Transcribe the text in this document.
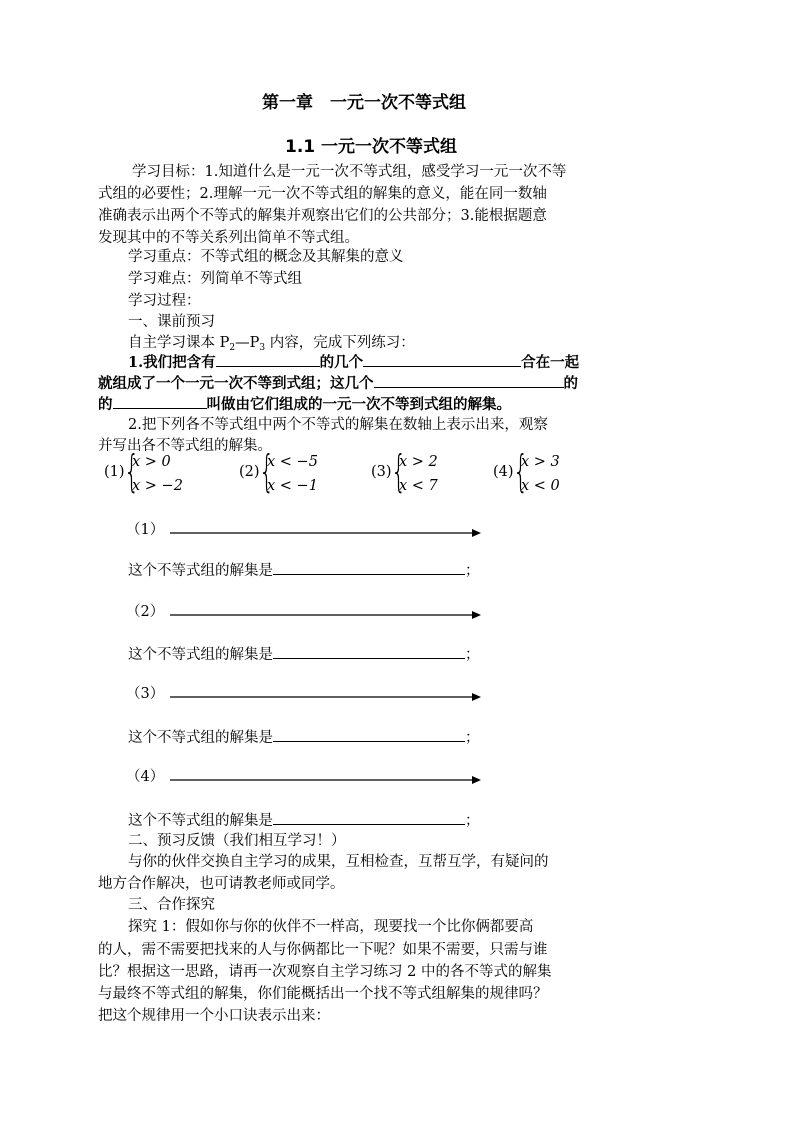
第一章　一元一次不等式组
1.1 一元一次不等式组
学习目标：1.知道什么是一元一次不等式组，感受学习一元一次不等
式组的必要性；2.理解一元一次不等式组的解集的意义，能在同一数轴
准确表示出两个不等式的解集并观察出它们的公共部分；3.能根据题意
发现其中的不等关系列出简单不等式组。
学习重点：不等式组的概念及其解集的意义
学习难点：列简单不等式组
学习过程：
一、课前预习
自主学习课本 $P_2—P_3$ 内容，完成下列练习：
1.我们把含有	的几个	合在一起
就组成了一个一元一次不等到式组；这几个	的
的	叫做由它们组成的一元一次不等到式组的解集。
2.把下列各不等式组中两个不等式的解集在数轴上表示出来，观察
并写出各不等式组的解集。
(1) {
x > 0
x > −2
(2) {
x < −5
x < −1
(3) {
x > 2
x < 7
(4) {
x > 3
x < 0
（1）
这个不等式组的解集是	；
（2）
这个不等式组的解集是	；
（3）
这个不等式组的解集是	；
（4）
这个不等式组的解集是	；
二、预习反馈（我们相互学习！）
与你的伙伴交换自主学习的成果，互相检查，互帮互学，有疑问的
地方合作解决，也可请教老师或同学。
三、合作探究
探究 1：假如你与你的伙伴不一样高，现要找一个比你俩都要高
的人，需不需要把找来的人与你俩都比一下呢？如果不需要，只需与谁
比？根据这一思路，请再一次观察自主学习练习 2 中的各不等式的解集
与最终不等式组的解集，你们能概括出一个找不等式组解集的规律吗？
把这个规律用一个小口诀表示出来：
